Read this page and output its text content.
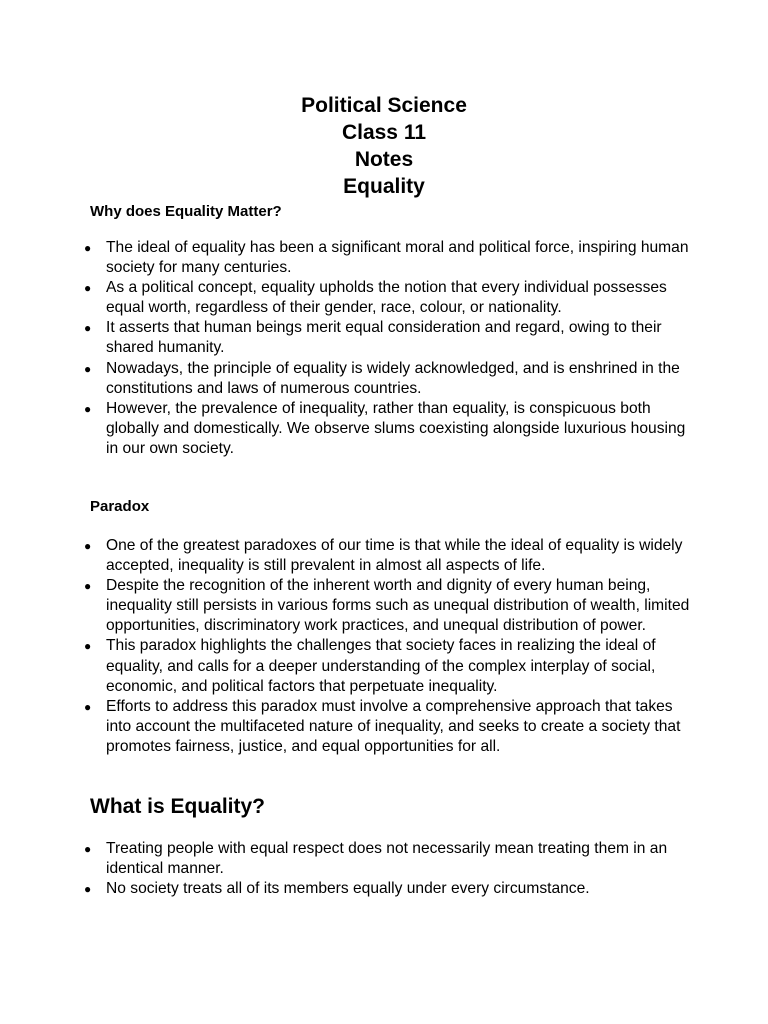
Political Science
Class 11
Notes
Equality
Why does Equality Matter?
● The ideal of equality has been a significant moral and political force, inspiring human society for many centuries.
● As a political concept, equality upholds the notion that every individual possesses equal worth, regardless of their gender, race, colour, or nationality.
● It asserts that human beings merit equal consideration and regard, owing to their shared humanity.
● Nowadays, the principle of equality is widely acknowledged, and is enshrined in the constitutions and laws of numerous countries.
● However, the prevalence of inequality, rather than equality, is conspicuous both globally and domestically. We observe slums coexisting alongside luxurious housing in our own society.
Paradox
● One of the greatest paradoxes of our time is that while the ideal of equality is widely accepted, inequality is still prevalent in almost all aspects of life.
● Despite the recognition of the inherent worth and dignity of every human being, inequality still persists in various forms such as unequal distribution of wealth, limited opportunities, discriminatory work practices, and unequal distribution of power.
● This paradox highlights the challenges that society faces in realizing the ideal of equality, and calls for a deeper understanding of the complex interplay of social, economic, and political factors that perpetuate inequality.
● Efforts to address this paradox must involve a comprehensive approach that takes into account the multifaceted nature of inequality, and seeks to create a society that promotes fairness, justice, and equal opportunities for all.
What is Equality?
● Treating people with equal respect does not necessarily mean treating them in an identical manner.
● No society treats all of its members equally under every circumstance.
